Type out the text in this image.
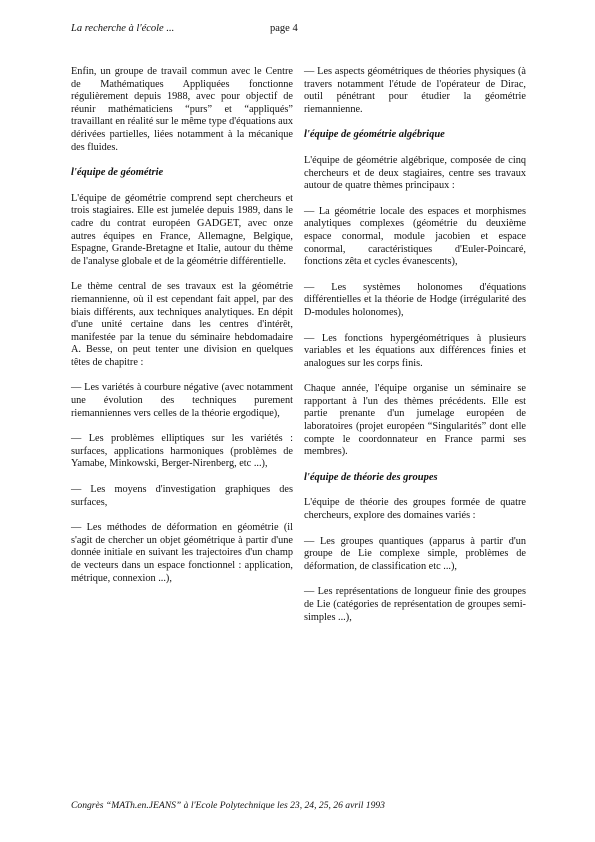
La recherche à l'école ...	page 4

Enfin, un groupe de travail commun avec le Centre de Mathématiques Appliquées fonctionne régulièrement depuis 1988, avec pour objectif de réunir mathématiciens “purs” et “appliqués” travaillant en réalité sur le même type d'équations aux dérivées partielles, liées notamment à la mécanique des fluides.

l'équipe de géométrie

L'équipe de géométrie comprend sept chercheurs et trois stagiaires. Elle est jumelée depuis 1989, dans le cadre du contrat européen GADGET, avec onze autres équipes en France, Allemagne, Belgique, Espagne, Grande-Bretagne et Italie, autour du thème de l'analyse globale et de la géométrie différentielle.

Le thème central de ses travaux est la géométrie riemannienne, où il est cependant fait appel, par des biais différents, aux techniques analytiques. En dépit d'une unité certaine dans les centres d'intérêt, manifestée par la tenue du séminaire hebdomadaire A. Besse, on peut tenter une division en quelques têtes de chapitre :

— Les variétés à courbure négative (avec notamment une évolution des techniques purement riemanniennes vers celles de la théorie ergodique),

— Les problèmes elliptiques sur les variétés : surfaces, applications harmoniques (problèmes de Yamabe, Minkowski, Berger-Nirenberg, etc ...),

— Les moyens d'investigation graphiques des surfaces,

— Les méthodes de déformation en géométrie (il s'agit de chercher un objet géométrique à partir d'une donnée initiale en suivant les trajectoires d'un champ de vecteurs dans un espace fonctionnel : application, métrique, connexion ...),

— Les aspects géométriques de théories physiques (à travers notamment l'étude de l'opérateur de Dirac, outil pénétrant pour étudier la géométrie riemannienne.

l'équipe de géométrie algébrique

L'équipe de géométrie algébrique, composée de cinq chercheurs et de deux stagiaires, centre ses travaux autour de quatre thèmes principaux :

— La géométrie locale des espaces et morphismes analytiques complexes (géométrie du deuxième espace conormal, module jacobien et espace conormal, caractéristiques d'Euler-Poincaré, fonctions zêta et cycles évanescents),

— Les systèmes holonomes d'équations différentielles et la théorie de Hodge (irrégularité des D-modules holonomes),

— Les fonctions hypergéométriques à plusieurs variables et les équations aux différences finies et analogues sur les corps finis.

Chaque année, l'équipe organise un séminaire se rapportant à l'un des thèmes précédents. Elle est partie prenante d'un jumelage européen de laboratoires (projet européen “Singularités” dont elle compte le coordonnateur en France parmi ses membres).

l'équipe de théorie des groupes

L'équipe de théorie des groupes formée de quatre chercheurs, explore des domaines variés :

— Les groupes quantiques (apparus à partir d'un groupe de Lie complexe simple, problèmes de déformation, de classification etc ...),

— Les représentations de longueur finie des groupes de Lie (catégories de représentation de groupes semi-simples ...),

Congrès “MATh.en.JEANS” à l'Ecole Polytechnique les 23, 24, 25, 26 avril 1993
